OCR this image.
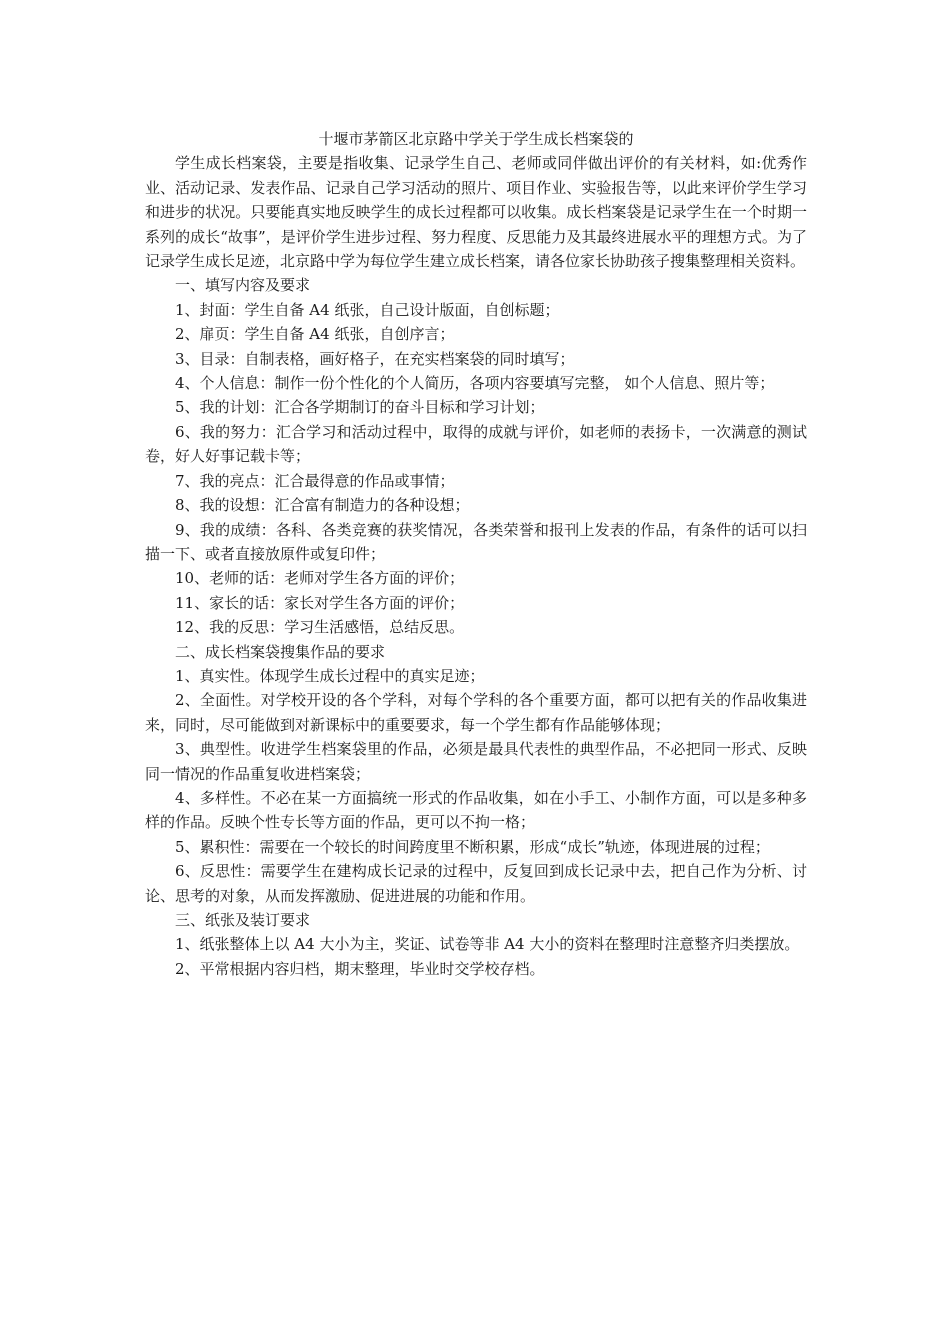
十堰市茅箭区北京路中学关于学生成长档案袋的

学生成长档案袋，主要是指收集、记录学生自己、老师或同伴做出评价的有关材料，如:优秀作业、活动记录、发表作品、记录自己学习活动的照片、项目作业、实验报告等，以此来评价学生学习和进步的状况。只要能真实地反映学生的成长过程都可以收集。成长档案袋是记录学生在一个时期一系列的成长“故事”，是评价学生进步过程、努力程度、反思能力及其最终进展水平的理想方式。为了记录学生成长足迹，北京路中学为每位学生建立成长档案，请各位家长协助孩子搜集整理相关资料。

一、填写内容及要求

1、封面：学生自备 A4 纸张，自己设计版面，自创标题；

2、扉页：学生自备 A4 纸张，自创序言；

3、目录：自制表格，画好格子，在充实档案袋的同时填写；

4、个人信息：制作一份个性化的个人简历，各项内容要填写完整， 如个人信息、照片等；

5、我的计划：汇合各学期制订的奋斗目标和学习计划；

6、我的努力：汇合学习和活动过程中，取得的成就与评价，如老师的表扬卡，一次满意的测试卷，好人好事记载卡等；

7、我的亮点：汇合最得意的作品或事情；

8、我的设想：汇合富有制造力的各种设想；

9、我的成绩：各科、各类竞赛的获奖情况，各类荣誉和报刊上发表的作品，有条件的话可以扫描一下、或者直接放原件或复印件；

10、老师的话：老师对学生各方面的评价；

11、家长的话：家长对学生各方面的评价；

12、我的反思：学习生活感悟，总结反思。

二、成长档案袋搜集作品的要求

1、真实性。体现学生成长过程中的真实足迹；

2、全面性。对学校开设的各个学科，对每个学科的各个重要方面，都可以把有关的作品收集进来，同时，尽可能做到对新课标中的重要要求，每一个学生都有作品能够体现；

3、典型性。收进学生档案袋里的作品，必须是最具代表性的典型作品，不必把同一形式、反映同一情况的作品重复收进档案袋；

4、多样性。不必在某一方面搞统一形式的作品收集，如在小手工、小制作方面，可以是多种多样的作品。反映个性专长等方面的作品，更可以不拘一格；

5、累积性：需要在一个较长的时间跨度里不断积累，形成“成长”轨迹，体现进展的过程；

6、反思性：需要学生在建构成长记录的过程中，反复回到成长记录中去，把自己作为分析、讨论、思考的对象，从而发挥激励、促进进展的功能和作用。

三、纸张及装订要求

1、纸张整体上以 A4 大小为主，奖证、试卷等非 A4 大小的资料在整理时注意整齐归类摆放。

2、平常根据内容归档，期末整理，毕业时交学校存档。
